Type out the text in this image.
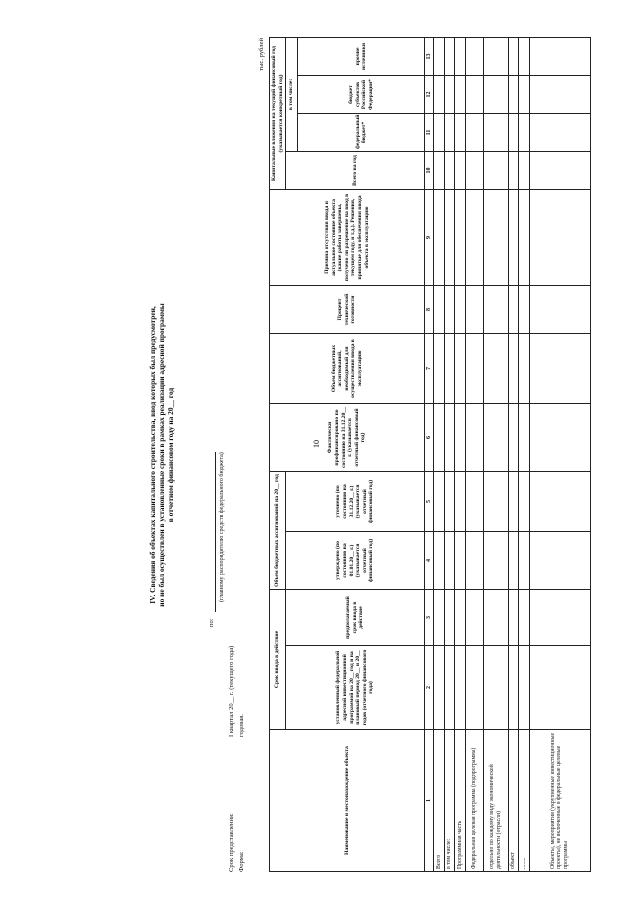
10
IV. Сведения об объектах капитального строительства, ввод которых был предусмотрен, но не был осуществлен в установленные сроки в рамках реализации адресной программы в отчетном финансовом году на 20__ год
по:
(главному распорядителю средств федерального бюджета)
Срок представления:
I квартал 20__ г. (текущего года)
Форма:
годовая.
тыс. рублей
Наименование и местонахождение объекта	Срок ввода в действие		Объем бюджетных ассигнований на 20__ год		Фактически профинансировано по состоянию на 31.12.20__ г. (указывается отчетный финансовый год)	Объем бюджетных ассигнований, необходимый для осуществления ввода в эксплуатацию	Процент технической готовности	Причина отсутствия ввода и актуальное состояние объекта (какие работы завершены, получено ли разрешение на ввод в текущем году, и т.д.). Решения, принятые для обеспечения ввода объекта в эксплуатацию	Капитальные вложения на текущий финансовый год (указывается конкретный год)			
	установленный федеральной адресной инвестиционной программой на 20__ год и на плановый период 20__ и 20__ годов (отчетного финансового года)	предполагаемый срок ввода в действие	утверждено (по состоянию на 01.01.20__ г.) (указывается отчетный финансовый год)	уточнено (по состоянию на 31.12.20__ г.) (указывается отчетный финансовый год)					Всего на год	в том числе:		
										федеральный бюджет*	бюджет субъектов Российской Федерации*	прочие источники
1	2	3	4	5	6	7	8	9	10	11	12	13
Всего												
в том числе:												
Программная часть												
Федеральная целевая программа (подпрограмма)												
отдельно по каждому виду экономической деятельности (отрасли)												
объект												
........												
Объекты, мероприятия (укрупненные инвестиционные проекты), не включенные в федеральные целевые программы												
